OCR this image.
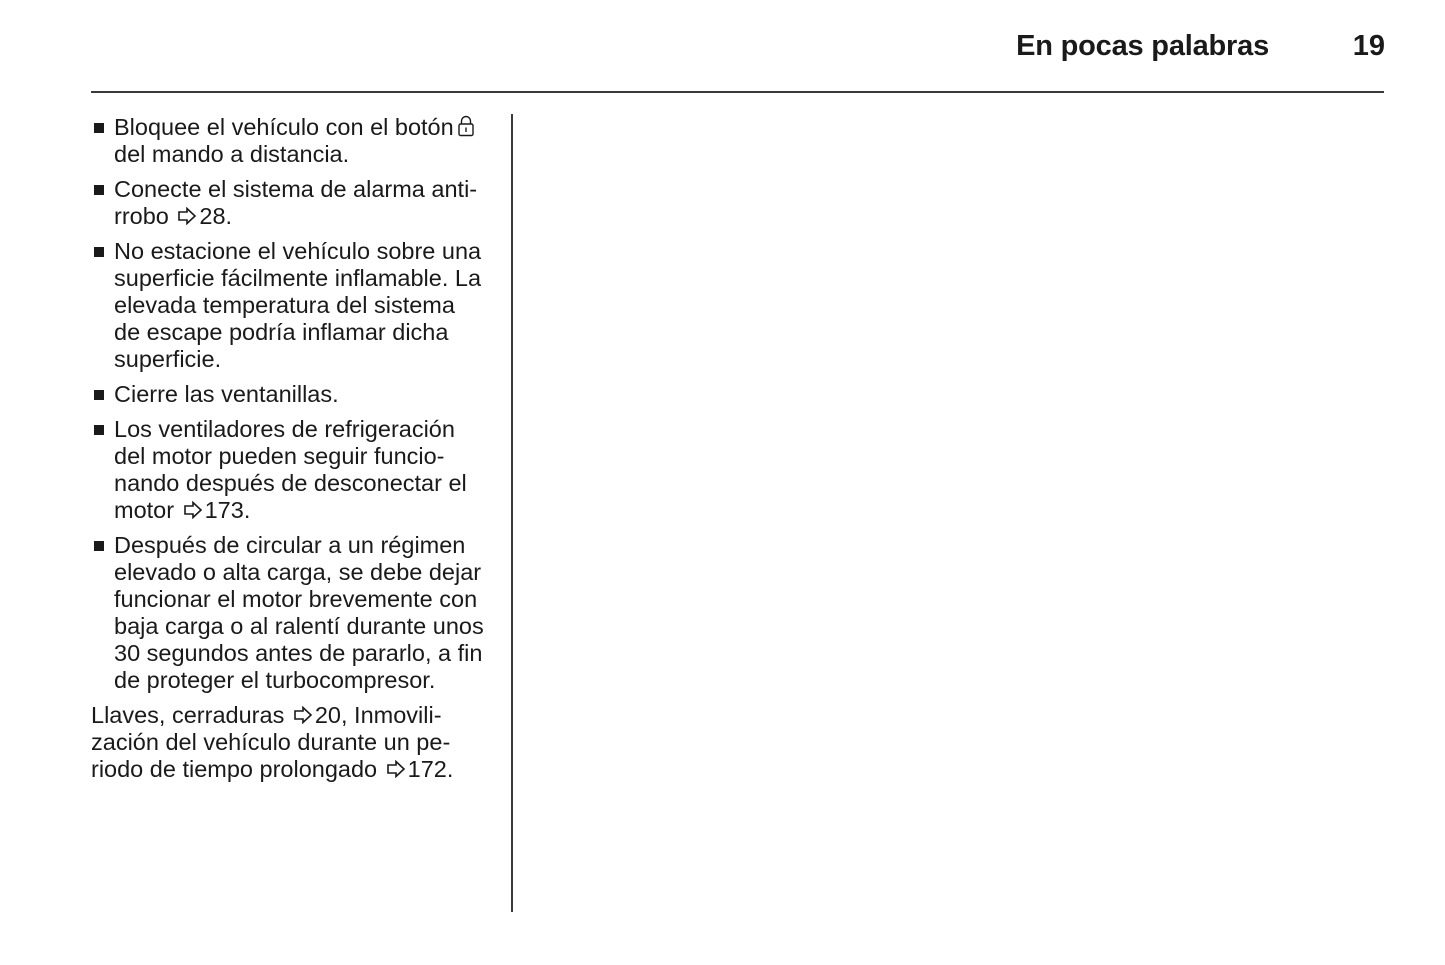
En pocas palabras	19
Bloquee el vehículo con el botón
del mando a distancia.
Conecte el sistema de alarma anti-
rrobo 28.
No estacione el vehículo sobre una
superficie fácilmente inflamable. La
elevada temperatura del sistema
de escape podría inflamar dicha
superficie.
Cierre las ventanillas.
Los ventiladores de refrigeración
del motor pueden seguir funcio-
nando después de desconectar el
motor 173.
Después de circular a un régimen
elevado o alta carga, se debe dejar
funcionar el motor brevemente con
baja carga o al ralentí durante unos
30 segundos antes de pararlo, a fin
de proteger el turbocompresor.
Llaves, cerraduras 20, Inmovili-
zación del vehículo durante un pe-
riodo de tiempo prolongado 172.
